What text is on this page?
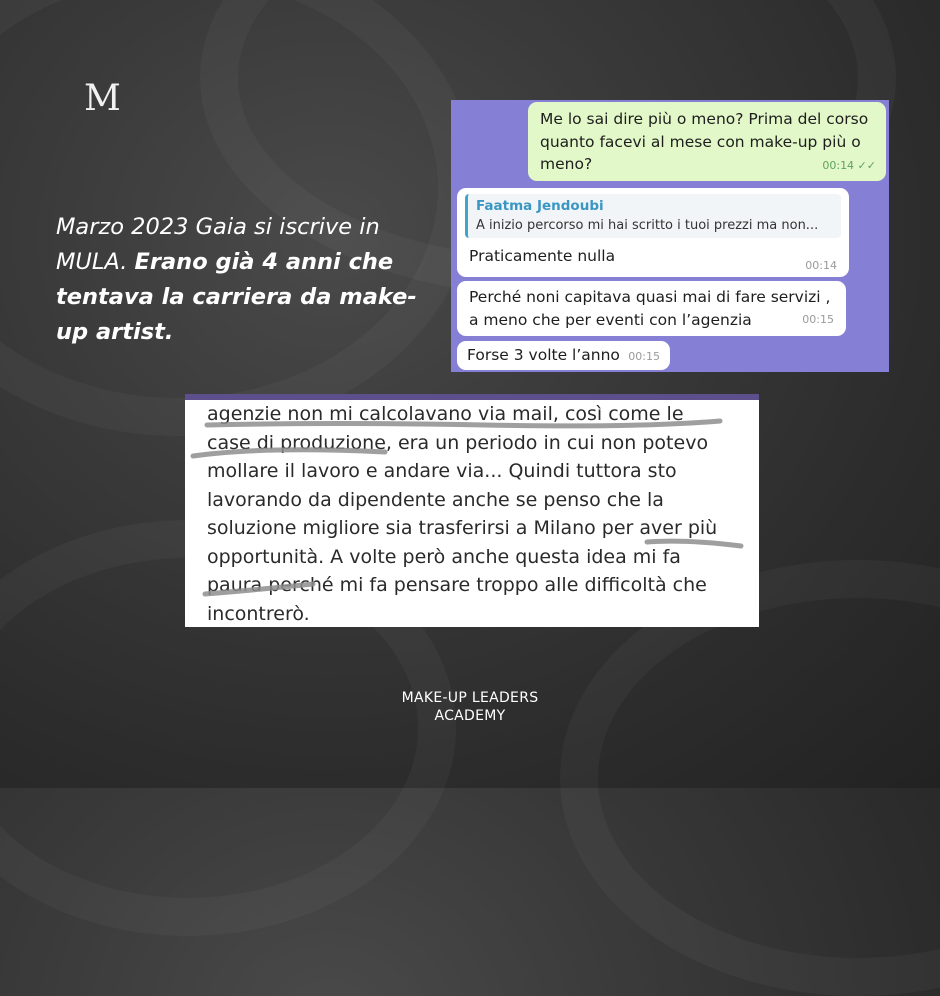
M
Marzo 2023 Gaia si iscrive in MULA. Erano già 4 anni che tentava la carriera da make-up artist.
Me lo sai dire più o meno? Prima del corso
quanto facevi al mese con make-up più o
meno?	00:14 ✓✓
Faatma Jendoubi
A inizio percorso mi hai scritto i tuoi prezzi ma non...
Praticamente nulla
00:14
Perché noni capitava quasi mai di fare servizi ,
a meno che per eventi con l’agenzia	00:15
Forse 3 volte l’anno 00:15
agenzie non mi calcolavano via mail, così come le
case di produzione, era un periodo in cui non potevo
mollare il lavoro e andare via... Quindi tuttora sto
lavorando da dipendente anche se penso che la
soluzione migliore sia trasferirsi a Milano per aver più
opportunità. A volte però anche questa idea mi fa
paura perché mi fa pensare troppo alle difficoltà che
incontrerò.
MAKE-UP LEADERS
ACADEMY
